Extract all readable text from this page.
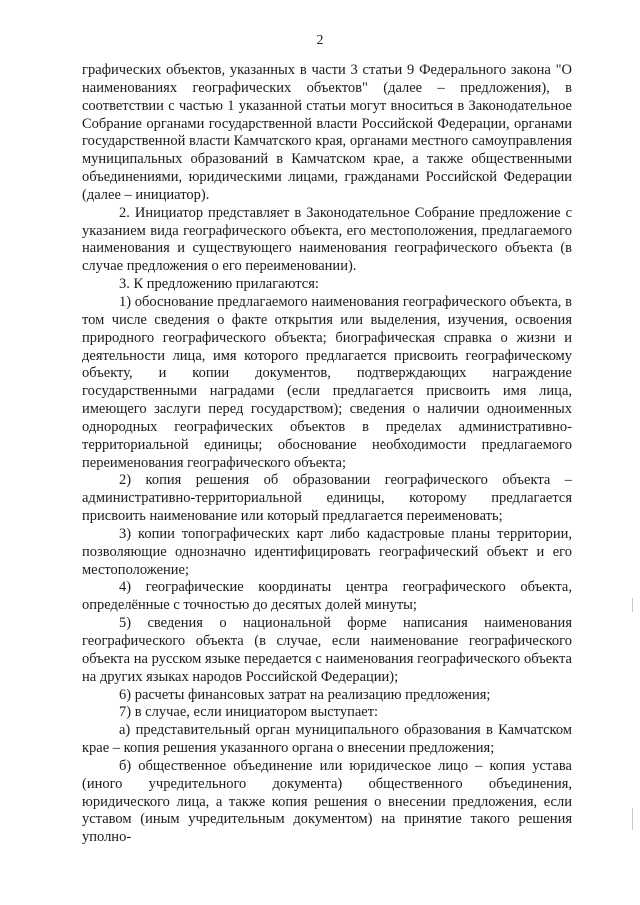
2

графических объектов, указанных в части 3 статьи 9 Федерального закона "О наименованиях географических объектов" (далее – предложения), в соответствии с частью 1 указанной статьи могут вноситься в Законодательное Собрание органами государственной власти Российской Федерации, органами государственной власти Камчатского края, органами местного самоуправления муниципальных образований в Камчатском крае, а также общественными объединениями, юридическими лицами, гражданами Российской Федерации (далее – инициатор).

2. Инициатор представляет в Законодательное Собрание предложение с указанием вида географического объекта, его местоположения, предлагаемого наименования и существующего наименования географического объекта (в случае предложения о его переименовании).

3. К предложению прилагаются:

1) обоснование предлагаемого наименования географического объекта, в том числе сведения о факте открытия или выделения, изучения, освоения природного географического объекта; биографическая справка о жизни и деятельности лица, имя которого предлагается присвоить географическому объекту, и копии документов, подтверждающих награждение государственными наградами (если предлагается присвоить имя лица, имеющего заслуги перед государством); сведения о наличии одноименных однородных географических объектов в пределах административно-территориальной единицы; обоснование необходимости предлагаемого переименования географического объекта;

2) копия решения об образовании географического объекта – административно-территориальной единицы, которому предлагается присвоить наименование или который предлагается переименовать;

3) копии топографических карт либо кадастровые планы территории, позволяющие однозначно идентифицировать географический объект и его местоположение;

4) географические координаты центра географического объекта, определённые с точностью до десятых долей минуты;

5) сведения о национальной форме написания наименования географического объекта (в случае, если наименование географического объекта на русском языке передается с наименования географического объекта на других языках народов Российской Федерации);

6) расчеты финансовых затрат на реализацию предложения;

7) в случае, если инициатором выступает:

а) представительный орган муниципального образования в Камчатском крае – копия решения указанного органа о внесении предложения;

б) общественное объединение или юридическое лицо – копия устава (иного учредительного документа) общественного объединения, юридического лица, а также копия решения о внесении предложения, если уставом (иным учредительным документом) на принятие такого решения уполно-
